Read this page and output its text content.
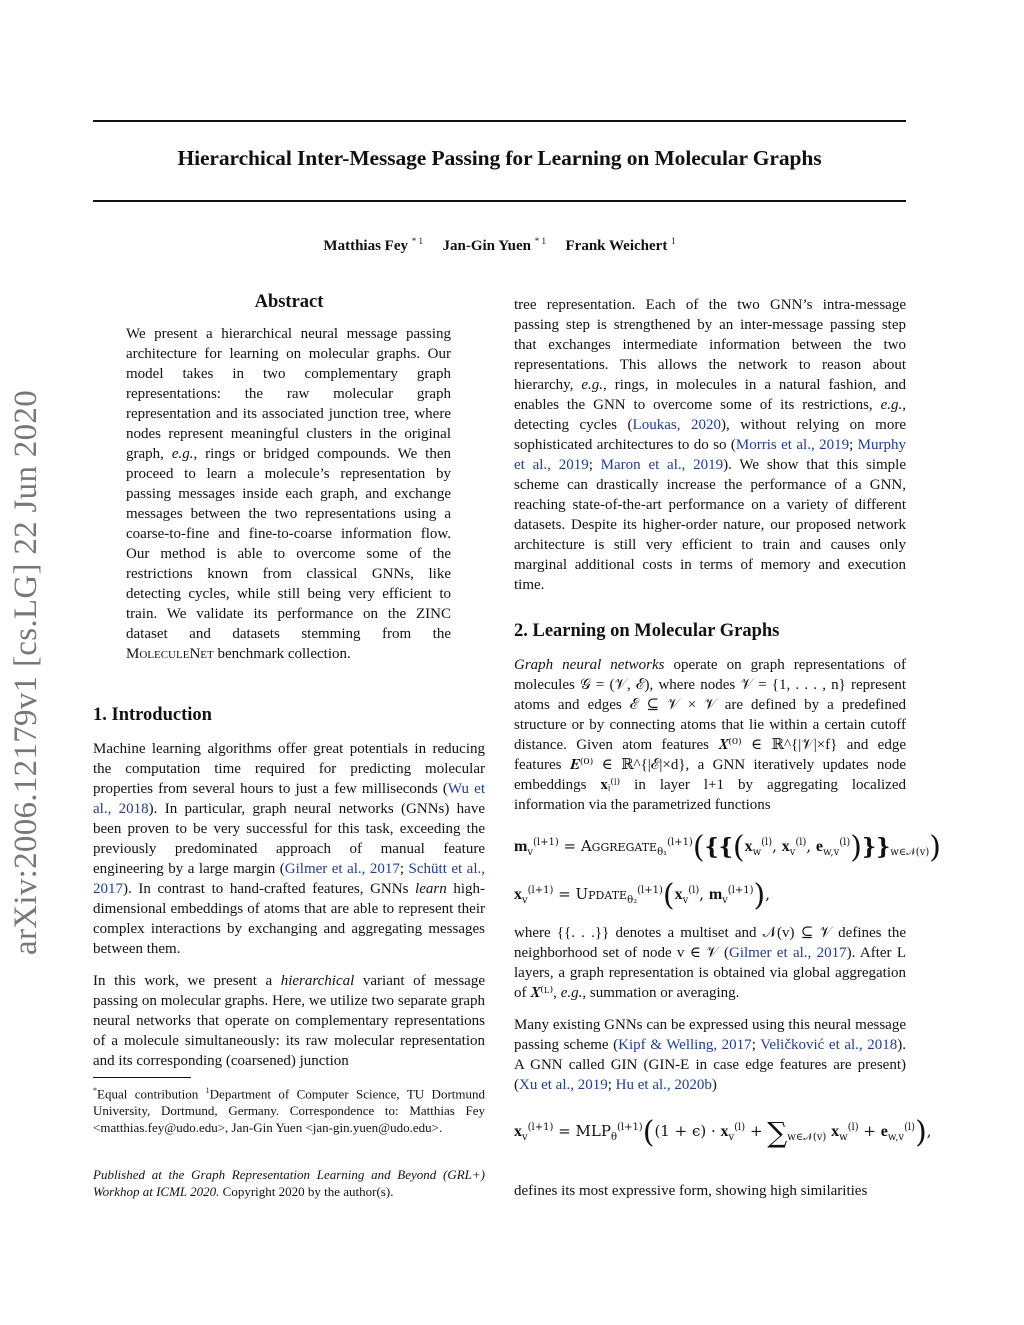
arXiv:2006.12179v1 [cs.LG] 22 Jun 2020
Hierarchical Inter-Message Passing for Learning on Molecular Graphs
Matthias Fey $^{* 1}$ Jan-Gin Yuen $^{* 1}$ Frank Weichert $^1$
Abstract
We present a hierarchical neural message passing architecture for learning on molecular graphs. Our model takes in two complementary graph representations: the raw molecular graph representation and its associated junction tree, where nodes represent meaningful clusters in the original graph, e.g., rings or bridged compounds. We then proceed to learn a molecule’s representation by passing messages inside each graph, and exchange messages between the two representations using a coarse-to-fine and fine-to-coarse information flow. Our method is able to overcome some of the restrictions known from classical GNNs, like detecting cycles, while still being very efficient to train. We validate its performance on the ZINC dataset and datasets stemming from the MoleculeNet benchmark collection.
1. Introduction

Machine learning algorithms offer great potentials in reducing the computation time required for predicting molecular properties from several hours to just a few milliseconds (Wu et al., 2018). In particular, graph neural networks (GNNs) have been proven to be very successful for this task, exceeding the previously predominated approach of manual feature engineering by a large margin (Gilmer et al., 2017; Schütt et al., 2017). In contrast to hand-crafted features, GNNs learn high-dimensional embeddings of atoms that are able to represent their complex interactions by exchanging and aggregating messages between them.

In this work, we present a hierarchical variant of message passing on molecular graphs. Here, we utilize two separate graph neural networks that operate on complementary representations of a molecule simultaneously: its raw molecular representation and its corresponding (coarsened) junction

*Equal contribution $^1$Department of Computer Science, TU Dortmund University, Dortmund, Germany. Correspondence to: Matthias Fey <matthias.fey@udo.edu>, Jan-Gin Yuen <jan-gin.yuen@udo.edu>.
Published at the Graph Representation Learning and Beyond (GRL+) Workhop at ICML 2020. Copyright 2020 by the author(s).

tree representation. Each of the two GNN’s intra-message passing step is strengthened by an inter-message passing step that exchanges intermediate information between the two representations. This allows the network to reason about hierarchy, e.g., rings, in molecules in a natural fashion, and enables the GNN to overcome some of its restrictions, e.g., detecting cycles (Loukas, 2020), without relying on more sophisticated architectures to do so (Morris et al., 2019; Murphy et al., 2019; Maron et al., 2019). We show that this simple scheme can drastically increase the performance of a GNN, reaching state-of-the-art performance on a variety of different datasets. Despite its higher-order nature, our proposed network architecture is still very efficient to train and causes only marginal additional costs in terms of memory and execution time.

2. Learning on Molecular Graphs

Graph neural networks operate on graph representations of molecules 𝒢 = (𝒱, ℰ), where nodes 𝒱 = {1, . . . , n} represent atoms and edges ℰ ⊆ 𝒱 × 𝒱 are defined by a predefined structure or by connecting atoms that lie within a certain cutoff distance. Given atom features 𝑿⁽⁰⁾ ∈ ℝ^{|𝒱|×f} and edge features 𝑬⁽⁰⁾ ∈ ℝ^{|ℰ|×d}, a GNN iteratively updates node embeddings 𝐱ᵢ⁽ˡ⁾ in layer l+1 by aggregating localized information via the parametrized functions

$m_v^{(l+1)}$ = $Aggregate_{\theta_1}^{(l+1)}(\{\{(x_w^{(l)}$, $x_v^{(l)}$, $e_{w,v}^{(l)})\}\}_{w\in 𝒩(v)}$)
$x_v^{(l+1)}$ = $Update_{\theta_2}^{(l+1)}(x_v^{(l)}$, $m_v^{(l+1)}$),

where {{. . .}} denotes a multiset and 𝒩(v) ⊆ 𝒱 defines the neighborhood set of node v ∈ 𝒱 (Gilmer et al., 2017). After L layers, a graph representation is obtained via global aggregation of 𝑿⁽ᴸ⁾, e.g., summation or averaging.

Many existing GNNs can be expressed using this neural message passing scheme (Kipf & Welling, 2017; Veličković et al., 2018). A GNN called GIN (GIN-E in case edge features are present) (Xu et al., 2019; Hu et al., 2020b)

$x_v^{(l+1)} = MLP_\theta^{(l+1)}((1 + \epsilon) \cdot x_v^{(l)} + \sum_{w\in 𝒩(v)}$ $x_w^{(l)} + e_{w,v}^{(l)}$),

defines its most expressive form, showing high similarities
